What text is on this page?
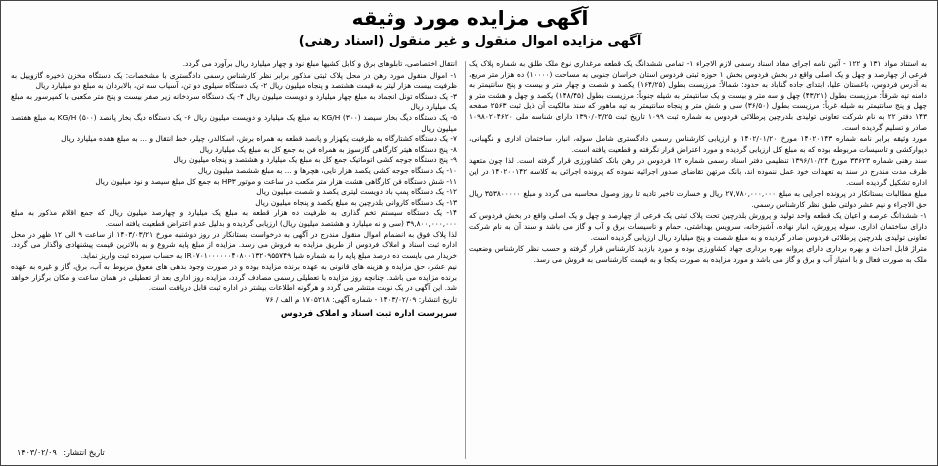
آگهی مزایده مورد وثیقه
آگهی مزایده اموال منقول و غیر منقول (اسناد رهنی)

به استناد مواد ۱۳۱ و ۱۲۲ - آئین نامه اجرای مفاد اسناد رسمی لازم الاجراء ۱- تمامی ششدانگ یک قطعه مرغداری نوع ملک طلق به شماره پلاک یک فرعی از چهارصد و چهل و یک اصلی واقع در بخش فردوس بخش ۱ حوزه ثبتی فردوس استان خراسان جنوبی به مساحت (۱۰۰۰۰) ده هزار متر مربع، به آدرس فردوس، باغستان علیا، ابتدای جاده گناباد به حدود: شمالاً: مرزیست بطول (۱۶۴/۲۵) یکصد و شصت و چهار متر و بیست و پنج سانتیمتر به دامنه تپه شرقاً: مرزیست بطول (۴۳/۲۱) چهل و سه متر و بیست و یک سانتیمتر به شیله جنوباً: مرزیست بطول (۱۴۸/۴۵) یکصد و چهل و هشت متر و چهل و پنج سانتیمتر به شیله غرباً: مرزیست بطول (۳۶/۵۰) سی و شش متر و پنجاه سانتیمتر به تپه ماهور که سند مالکیت آن ذیل ثبت ۲۵۶۳ صفحه ۱۴۳ دفتر ۲۲ به نام شرکت تعاونی تولیدی بلدرچین پرطلائی فردوس به شماره ثبت ۱۰۹۹ تاریخ ثبت ۱۳۹۰/۰۳/۲۵ دارای شناسه ملی ۱۰۹۸۰۲۰۴۶۲۰ صادر و تسلیم گردیده است.

مورد وثیقه برابر نامه شماره ۱۴۰۲۰۱۴۳ مورخ ۱۴۰۲/۰۱/۲۰ و ارزیابی کارشناس رسمی دادگستری شامل سوله، انبار، ساختمان اداری و نگهبانی، دیوارکشی و تاسیسات مربوطه بوده که به مبلغ کل ارزیابی گردیده و مورد اعتراض قرار نگرفته و قطعیت یافته است.

سند رهنی شماره ۳۳۶۲۳ مورخ ۱۳۹۶/۱۰/۲۴ تنظیمی دفتر اسناد رسمی شماره ۱۲ فردوس در رهن بانک کشاورزی قرار گرفته است. لذا چون متعهد ظرف مدت مندرج در سند به تعهدات خود عمل ننموده اند، بانک مرتهن تقاضای صدور اجرائیه نموده که پرونده اجرائی به کلاسه ۱۴۰۲۰۰۱۴۲ در این اداره تشکیل گردیده است.

مبلغ مطالبات بستانکار در پرونده اجرایی به مبلغ ۲۷,۷۸۰,۰۰۰,۰۰۰ ریال و خسارت تاخیر تادیه تا روز وصول محاسبه می گردد و مبلغ ۳۵۳۸۰۰۰۰۰ ریال حق الاجراء و نیم عشر دولتی طبق نظر کارشناس رسمی.

۱- ششدانگ عرصه و اعیان یک قطعه واحد تولید و پرورش بلدرچین تحت پلاک ثبتی یک فرعی از چهارصد و چهل و یک اصلی واقع در بخش فردوس که دارای ساختمان اداری، سوله پرورش، انبار نهاده، آشپزخانه، سرویس بهداشتی، حمام و تاسیسات برق و آب و گاز می باشد و سند آن به نام شرکت تعاونی تولیدی بلدرچین پرطلائی فردوس صادر گردیده و به مبلغ شصت و پنج میلیارد ریال ارزیابی گردیده است.

متراژ قابل احداث و بهره برداری دارای پروانه بهره برداری جهاد کشاورزی بوده و مورد بازدید کارشناس قرار گرفته و حسب نظر کارشناس وضعیت ملک به صورت فعال و با امتیاز آب و برق و گاز می باشد و مورد مزایده به صورت یکجا و به قیمت کارشناسی به فروش می رسد.

انتقال اختصاصی، تابلوهای برق و کابل کشیها مبلغ نود و چهار میلیارد ریال برآورد می گردد.

۱- اموال منقول مورد رهن در محل پلاک ثبتی مذکور برابر نظر کارشناس رسمی دادگستری با مشخصات: یک دستگاه مخزن ذخیره گازوییل به ظرفیت بیست هزار لیتر به قیمت هشتصد و پنجاه میلیون ریال ۲- یک دستگاه سیلوی دو تن، آسیاب سه تن، بالابردان به مبلغ دو میلیارد ریال
۳- یک دستگاه تونل انجماد به مبلغ چهار میلیارد و دویست میلیون ریال ۴- یک دستگاه سردخانه زیر صفر بیست و پنج متر مکعبی با کمپرسور به مبلغ یک میلیارد ریال
۵- یک دستگاه دیگ بخار سیصد (۳۰۰) KG/H به مبلغ یک میلیارد و دویست میلیون ریال ۶- یک دستگاه دیگ بخار پانصد (۵۰۰) KG/H به مبلغ هفتصد میلیون ریال
۷- یک دستگاه کشتارگاه به ظرفیت یکهزار و پانصد قطعه به همراه برش، اسکالدر، چیلر، خط انتقال و ... به مبلغ هفده میلیارد ریال
۸- پنج دستگاه هیتر کارگاهی گازسوز به همراه فن به جمع کل به مبلغ یک میلیارد ریال
۹- پنج دستگاه جوجه کشی اتوماتیک جمع کل به مبلغ یک میلیارد و هشتصد و پنجاه میلیون ریال
۱۰- یک دستگاه جوجه کشی یکصد هزار تایی، هچرها و ... به مبلغ ششصد میلیون ریال
۱۱- شش دستگاه فن کارگاهی هشت هزار متر مکعب در ساعت و موتور HP۳ به جمع کل مبلغ سیصد و نود میلیون ریال
۱۲- یک دستگاه پمپ باد دویست لیتری یکصد و شصت میلیون ریال
۱۳- یک دستگاه کاروانی بلدرچین به مبلغ یکصد و پنجاه میلیون ریال
۱۴- یک دستگاه سیستم تخم گذاری به ظرفیت ده هزار قطعه به مبلغ یک میلیارد و چهارصد میلیون ریال که جمع اقلام مذکور به مبلغ ۳۹,۸۰۰,۰۰۰,۰۰۰ (سی و نه میلیارد و هشتصد میلیون ریال) ارزیابی گردیده و بدلیل عدم اعتراض قطعیت یافته است.

لذا پلاک فوق به انضمام اموال منقول مندرج در آگهی به درخواست بستانکار در روز دوشنبه مورخ ۱۴۰۳/۰۳/۲۱ از ساعت ۹ الی ۱۲ ظهر در محل اداره ثبت اسناد و املاک فردوس از طریق مزایده به فروش می رسد. مزایده از مبلغ پایه شروع و به بالاترین قیمت پیشنهادی واگذار می گردد. خریدار می بایست ده درصد مبلغ پایه را به شماره شبا IR۰۷۰۱۰۰۰۰۰۰۴۰۸۰۰۱۳۲۰۹۵۵۷۴۹ به حساب سپرده ثبت واریز نماید.

نیم عشر، حق مزایده و هزینه های قانونی به عهده برنده مزایده بوده و در صورت وجود بدهی های معوق مربوط به آب، برق، گاز و غیره به عهده برنده مزایده می باشد. چنانچه روز مزایده با تعطیلی رسمی مصادف گردد، مزایده روز اداری بعد از تعطیلی در همان ساعت و مکان برگزار خواهد شد. این آگهی در یک نوبت منتشر می گردد و هرگونه اطلاعات بیشتر در اداره ثبت قابل دریافت است.

تاریخ انتشار: ۱۴۰۳/۰۲/۰۹ - شماره آگهی: ۱۷۰۵۲۱۸ م الف / ۷۶

سرپرست اداره ثبت اسناد و املاک فردوس
تاریخ انتشار: ۱۴۰۳/۰۲/۰۹
